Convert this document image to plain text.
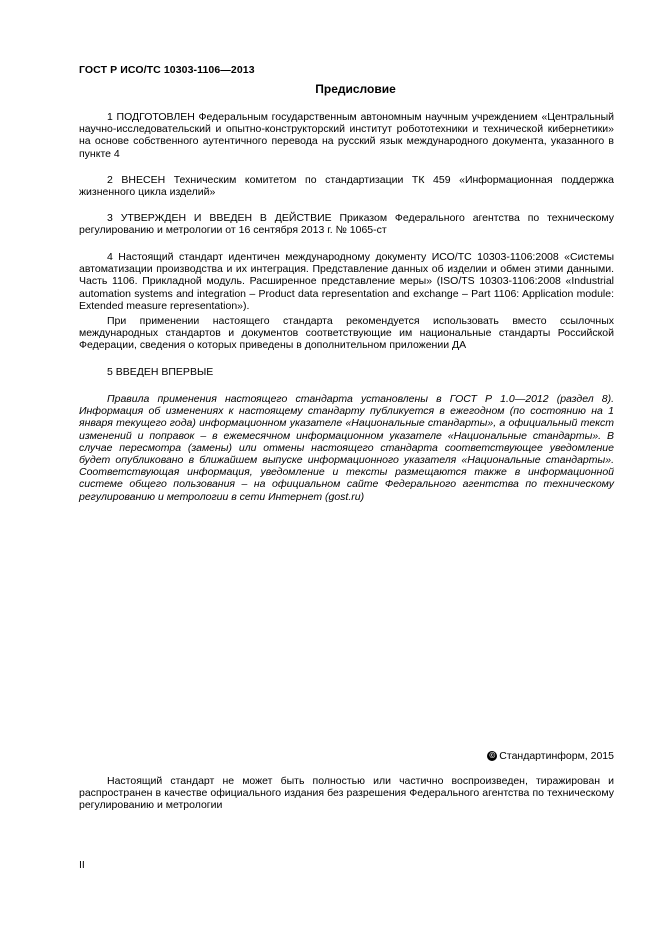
ГОСТ Р ИСО/ТС 10303-1106—2013
Предисловие

1 ПОДГОТОВЛЕН Федеральным государственным автономным научным учреждением «Центральный научно-исследовательский и опытно-конструкторский институт робототехники и технической кибернетики» на основе собственного аутентичного перевода на русский язык международного документа, указанного в пункте 4

2 ВНЕСЕН Техническим комитетом по стандартизации ТК 459 «Информационная поддержка жизненного цикла изделий»

3 УТВЕРЖДЕН И ВВЕДЕН В ДЕЙСТВИЕ Приказом Федерального агентства по техническому регулированию и метрологии от 16 сентября 2013 г. № 1065-ст

4 Настоящий стандарт идентичен международному документу ИСО/ТС 10303-1106:2008 «Системы автоматизации производства и их интеграция. Представление данных об изделии и обмен этими данными. Часть 1106. Прикладной модуль. Расширенное представление меры» (ISO/TS 10303-1106:2008 «Industrial automation systems and integration – Product data representation and exchange – Part 1106: Application module: Extended measure representation»).

При применении настоящего стандарта рекомендуется использовать вместо ссылочных международных стандартов и документов соответствующие им национальные стандарты Российской Федерации, сведения о которых приведены в дополнительном приложении ДА

5 ВВЕДЕН ВПЕРВЫЕ

Правила применения настоящего стандарта установлены в ГОСТ Р 1.0—2012 (раздел 8). Информация об изменениях к настоящему стандарту публикуется в ежегодном (по состоянию на 1 января текущего года) информационном указателе «Национальные стандарты», а официальный текст изменений и поправок – в ежемесячном информационном указателе «Национальные стандарты». В случае пересмотра (замены) или отмены настоящего стандарта соответствующее уведомление будет опубликовано в ближайшем выпуске информационного указателя «Национальные стандарты». Соответствующая информация, уведомление и тексты размещаются также в информационной системе общего пользования – на официальном сайте Федерального агентства по техническому регулированию и метрологии в сети Интернет (gost.ru)

© Стандартинформ, 2015

Настоящий стандарт не может быть полностью или частично воспроизведен, тиражирован и распространен в качестве официального издания без разрешения Федерального агентства по техническому регулированию и метрологии

II
